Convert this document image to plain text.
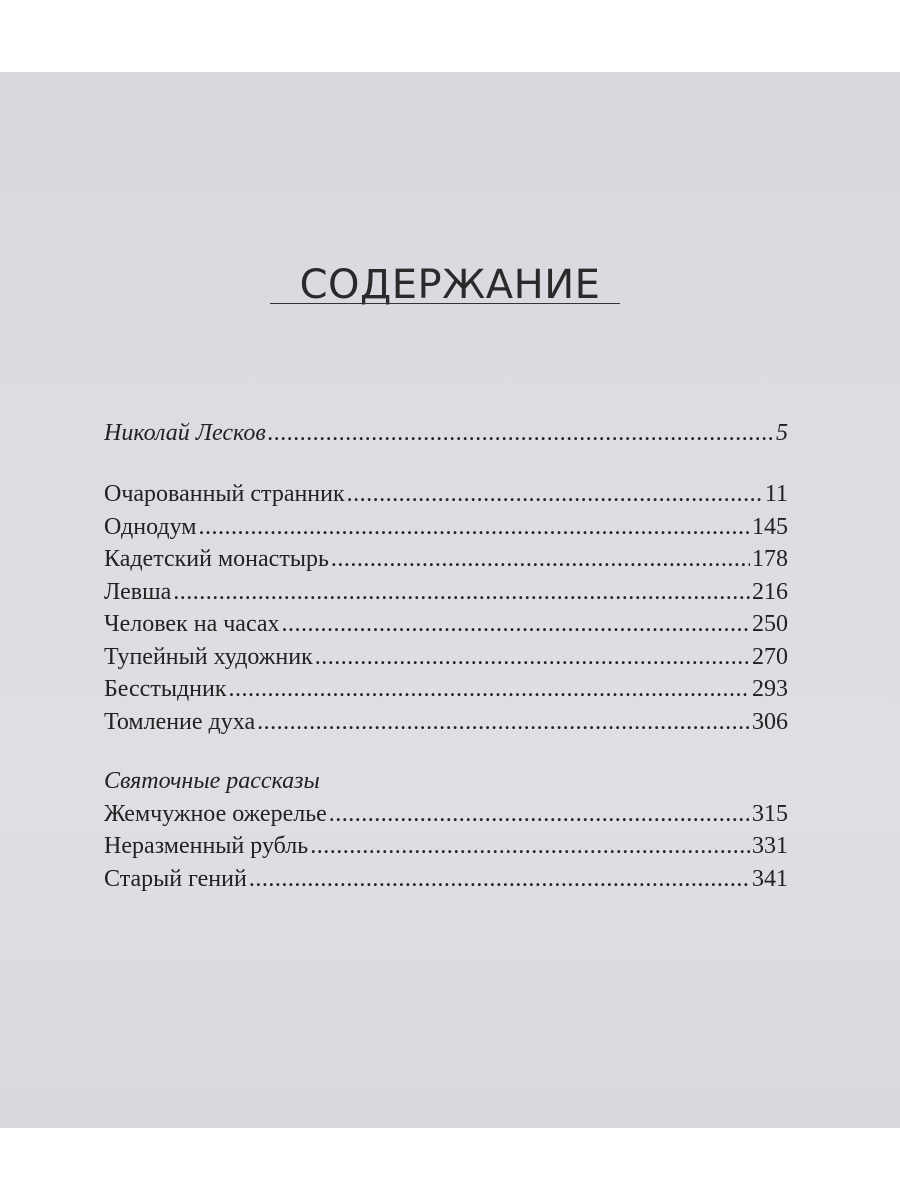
СОДЕРЖАНИЕ
Николай Лесков .....	5
Очарованный странник .....	11
Однодум .....	145
Кадетский монастырь .....	178
Левша .....	216
Человек на часах .....	250
Тупейный художник .....	270
Бесстыдник .....	293
Томление духа .....	306
Святочные рассказы
Жемчужное ожерелье .....	315
Неразменный рубль .....	331
Старый гений .....	341
